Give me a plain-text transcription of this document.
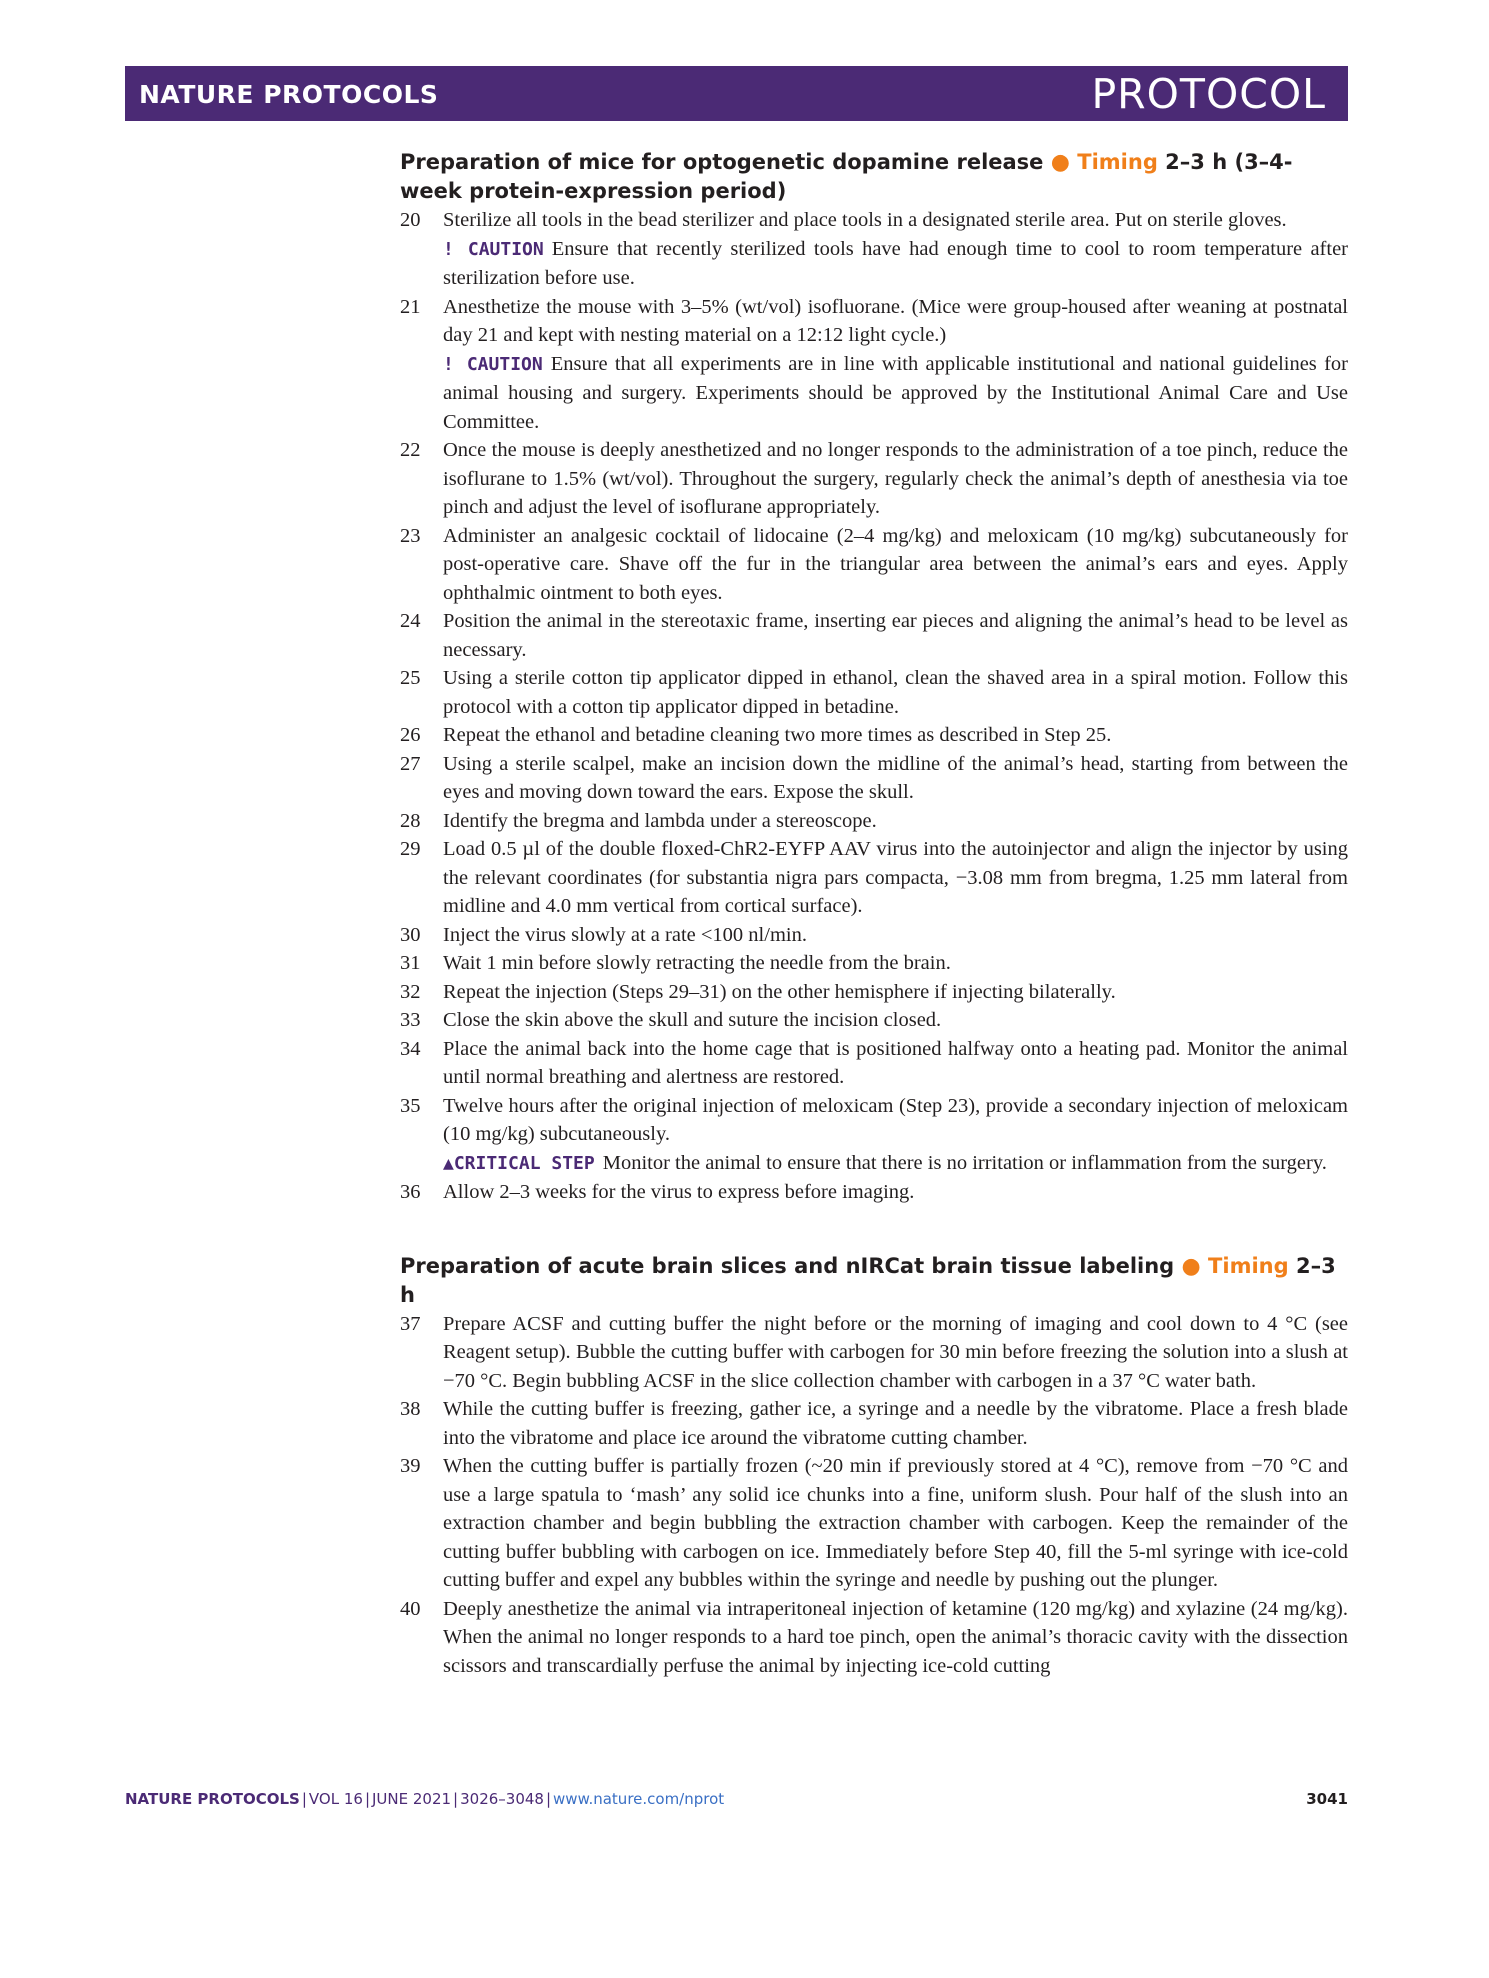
NATURE PROTOCOLS	PROTOCOL
Preparation of mice for optogenetic dopamine release ● Timing 2–3 h (3–4-week protein-expression period)
20	Sterilize all tools in the bead sterilizer and place tools in a designated sterile area. Put on sterile gloves.

! CAUTION Ensure that recently sterilized tools have had enough time to cool to room temperature after sterilization before use.

21	Anesthetize the mouse with 3–5% (wt/vol) isofluorane. (Mice were group-housed after weaning at postnatal day 21 and kept with nesting material on a 12:12 light cycle.)

! CAUTION Ensure that all experiments are in line with applicable institutional and national guidelines for animal housing and surgery. Experiments should be approved by the Institutional Animal Care and Use Committee.

22	Once the mouse is deeply anesthetized and no longer responds to the administration of a toe pinch, reduce the isoflurane to 1.5% (wt/vol). Throughout the surgery, regularly check the animal’s depth of anesthesia via toe pinch and adjust the level of isoflurane appropriately.

23	Administer an analgesic cocktail of lidocaine (2–4 mg/kg) and meloxicam (10 mg/kg) subcutaneously for post-operative care. Shave off the fur in the triangular area between the animal’s ears and eyes. Apply ophthalmic ointment to both eyes.

24	Position the animal in the stereotaxic frame, inserting ear pieces and aligning the animal’s head to be level as necessary.

25	Using a sterile cotton tip applicator dipped in ethanol, clean the shaved area in a spiral motion. Follow this protocol with a cotton tip applicator dipped in betadine.

26	Repeat the ethanol and betadine cleaning two more times as described in Step 25.

27	Using a sterile scalpel, make an incision down the midline of the animal’s head, starting from between the eyes and moving down toward the ears. Expose the skull.

28	Identify the bregma and lambda under a stereoscope.

29	Load 0.5 µl of the double floxed-ChR2-EYFP AAV virus into the autoinjector and align the injector by using the relevant coordinates (for substantia nigra pars compacta, −3.08 mm from bregma, 1.25 mm lateral from midline and 4.0 mm vertical from cortical surface).

30	Inject the virus slowly at a rate <100 nl/min.

31	Wait 1 min before slowly retracting the needle from the brain.

32	Repeat the injection (Steps 29–31) on the other hemisphere if injecting bilaterally.

33	Close the skin above the skull and suture the incision closed.

34	Place the animal back into the home cage that is positioned halfway onto a heating pad. Monitor the animal until normal breathing and alertness are restored.

35	Twelve hours after the original injection of meloxicam (Step 23), provide a secondary injection of meloxicam (10 mg/kg) subcutaneously.

▲CRITICAL STEP Monitor the animal to ensure that there is no irritation or inflammation from the surgery.

36	Allow 2–3 weeks for the virus to express before imaging.

Preparation of acute brain slices and nIRCat brain tissue labeling ● Timing 2–3 h
37	Prepare ACSF and cutting buffer the night before or the morning of imaging and cool down to 4 °C (see Reagent setup). Bubble the cutting buffer with carbogen for 30 min before freezing the solution into a slush at −70 °C. Begin bubbling ACSF in the slice collection chamber with carbogen in a 37 °C water bath.

38	While the cutting buffer is freezing, gather ice, a syringe and a needle by the vibratome. Place a fresh blade into the vibratome and place ice around the vibratome cutting chamber.

39	When the cutting buffer is partially frozen (~20 min if previously stored at 4 °C), remove from −70 °C and use a large spatula to ‘mash’ any solid ice chunks into a fine, uniform slush. Pour half of the slush into an extraction chamber and begin bubbling the extraction chamber with carbogen. Keep the remainder of the cutting buffer bubbling with carbogen on ice. Immediately before Step 40, fill the 5-ml syringe with ice-cold cutting buffer and expel any bubbles within the syringe and needle by pushing out the plunger.

40	Deeply anesthetize the animal via intraperitoneal injection of ketamine (120 mg/kg) and xylazine (24 mg/kg). When the animal no longer responds to a hard toe pinch, open the animal’s thoracic cavity with the dissection scissors and transcardially perfuse the animal by injecting ice-cold cutting

NATURE PROTOCOLS | VOL 16 | JUNE 2021 | 3026–3048 | www.nature.com/nprot	3041
